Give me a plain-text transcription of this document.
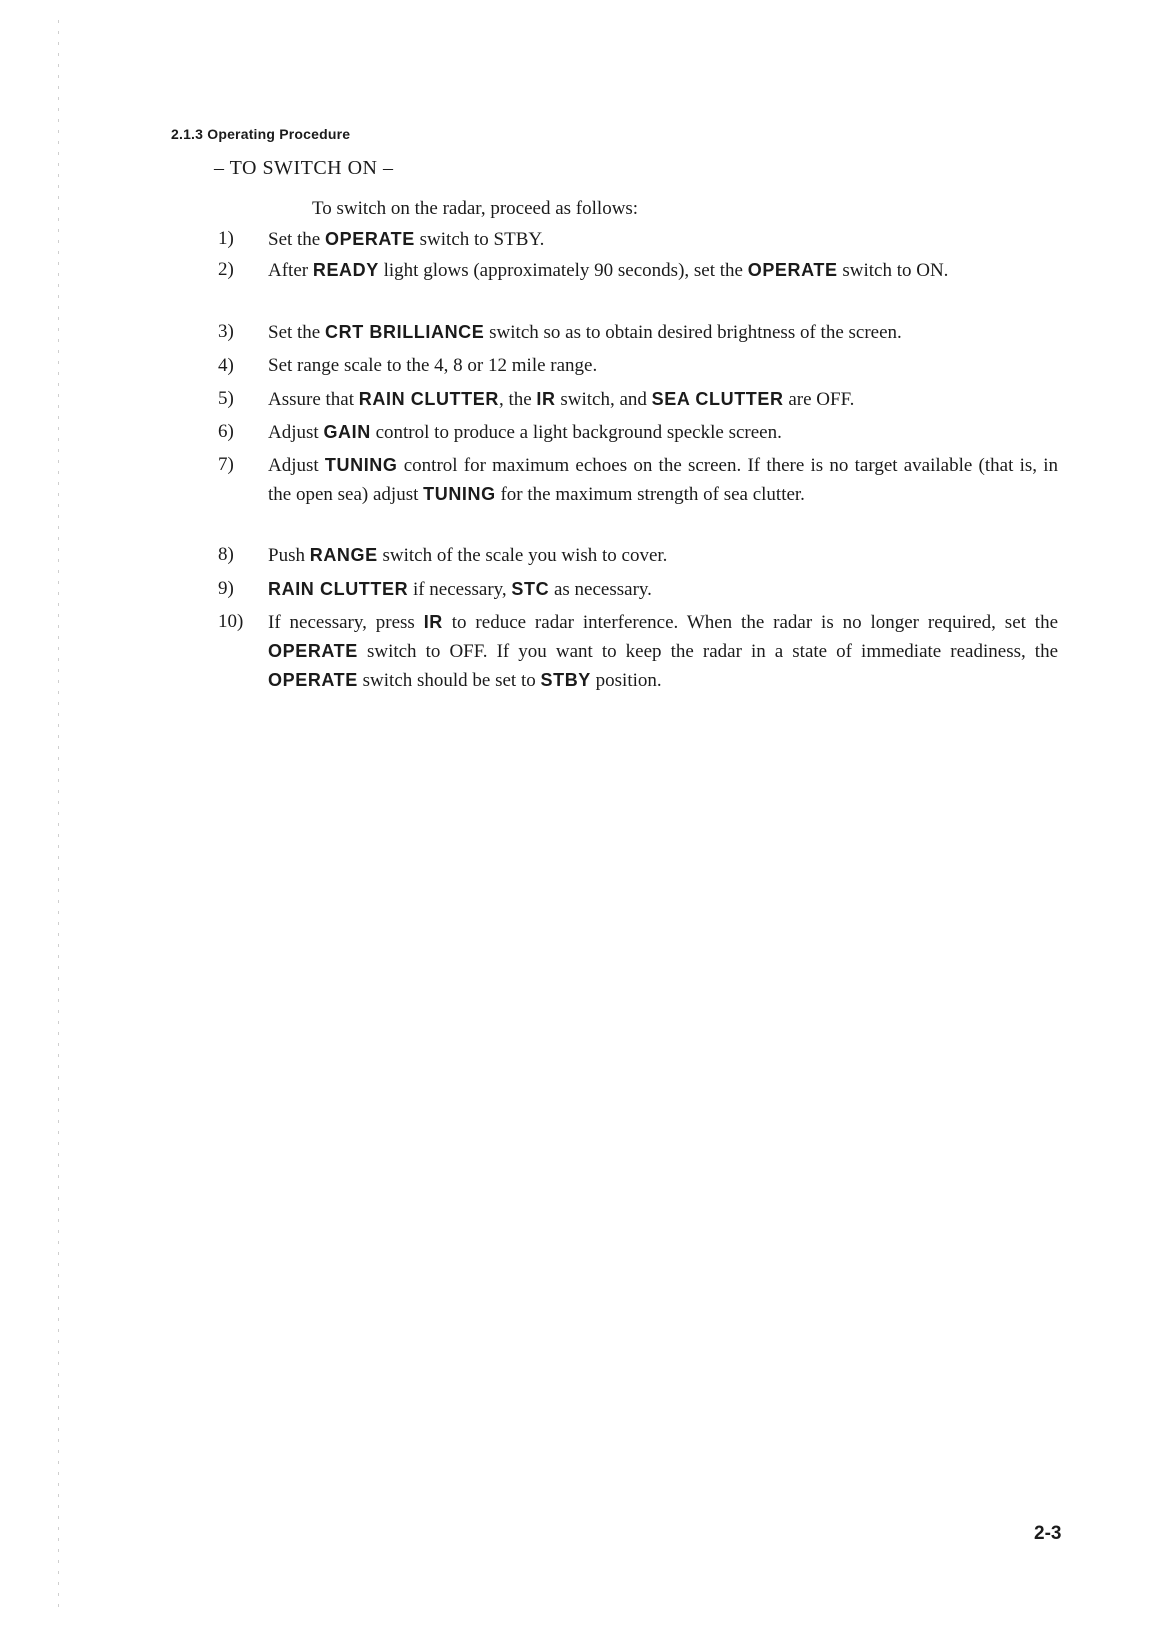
2.1.3 Operating Procedure
– TO SWITCH ON –
To switch on the radar, proceed as follows:
1)	Set the OPERATE switch to STBY.
2)	After READY light glows (approximately 90 seconds), set the OPERATE switch to ON.
3)	Set the CRT BRILLIANCE switch so as to obtain desired brightness of the screen.
4)	Set range scale to the 4, 8 or 12 mile range.
5)	Assure that RAIN CLUTTER, the IR switch, and SEA CLUTTER are OFF.
6)	Adjust GAIN control to produce a light background speckle screen.
7)	Adjust TUNING control for maximum echoes on the screen. If there is no target available (that is, in the open sea) adjust TUNING for the maximum strength of sea clutter.
8)	Push RANGE switch of the scale you wish to cover.
9)	RAIN CLUTTER if necessary, STC as necessary.
10)	If necessary, press IR to reduce radar interference. When the radar is no longer required, set the OPERATE switch to OFF. If you want to keep the radar in a state of immediate readiness, the OPERATE switch should be set to STBY position.
2-3
